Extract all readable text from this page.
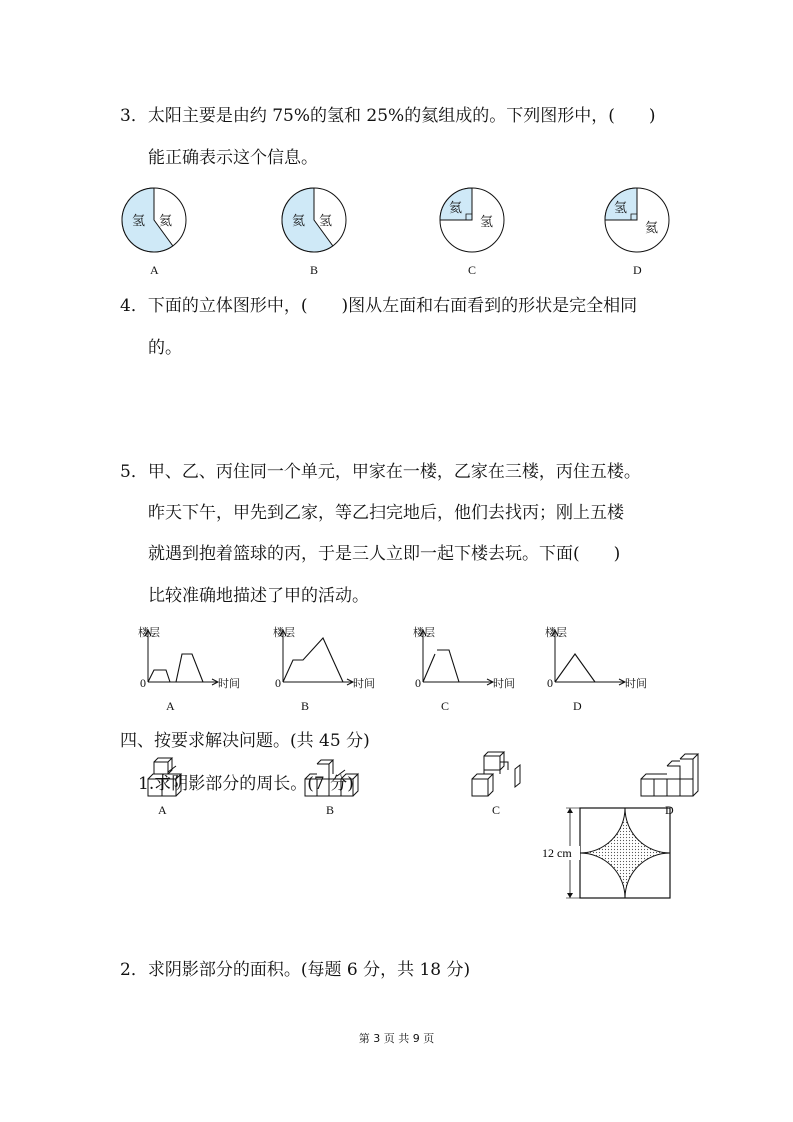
3．太阳主要是由约 75%的氢和 25%的氦组成的。下列图形中，(　　)
能正确表示这个信息。
氢 氦
A
氦 氢
B
氦
氢
C
氢
氦
D
4．下面的立体图形中，(　　)图从左面和右面看到的形状是完全相同
的。
A	B	C	D
5．甲、乙、丙住同一个单元，甲家在一楼，乙家在三楼，丙住五楼。
昨天下午，甲先到乙家，等乙扫完地后，他们去找丙；刚上五楼
就遇到抱着篮球的丙，于是三人立即一起下楼去玩。下面(　　)
比较准确地描述了甲的活动。
楼层
时间
0
A
楼层
时间
0
B
楼层
时间
0
C
楼层
时间
0
D
四、按要求解决问题。(共 45 分)
1.求阴影部分的周长。(7 分)
12 cm
2．求阴影部分的面积。(每题 6 分，共 18 分)
第 3 页 共 9 页
